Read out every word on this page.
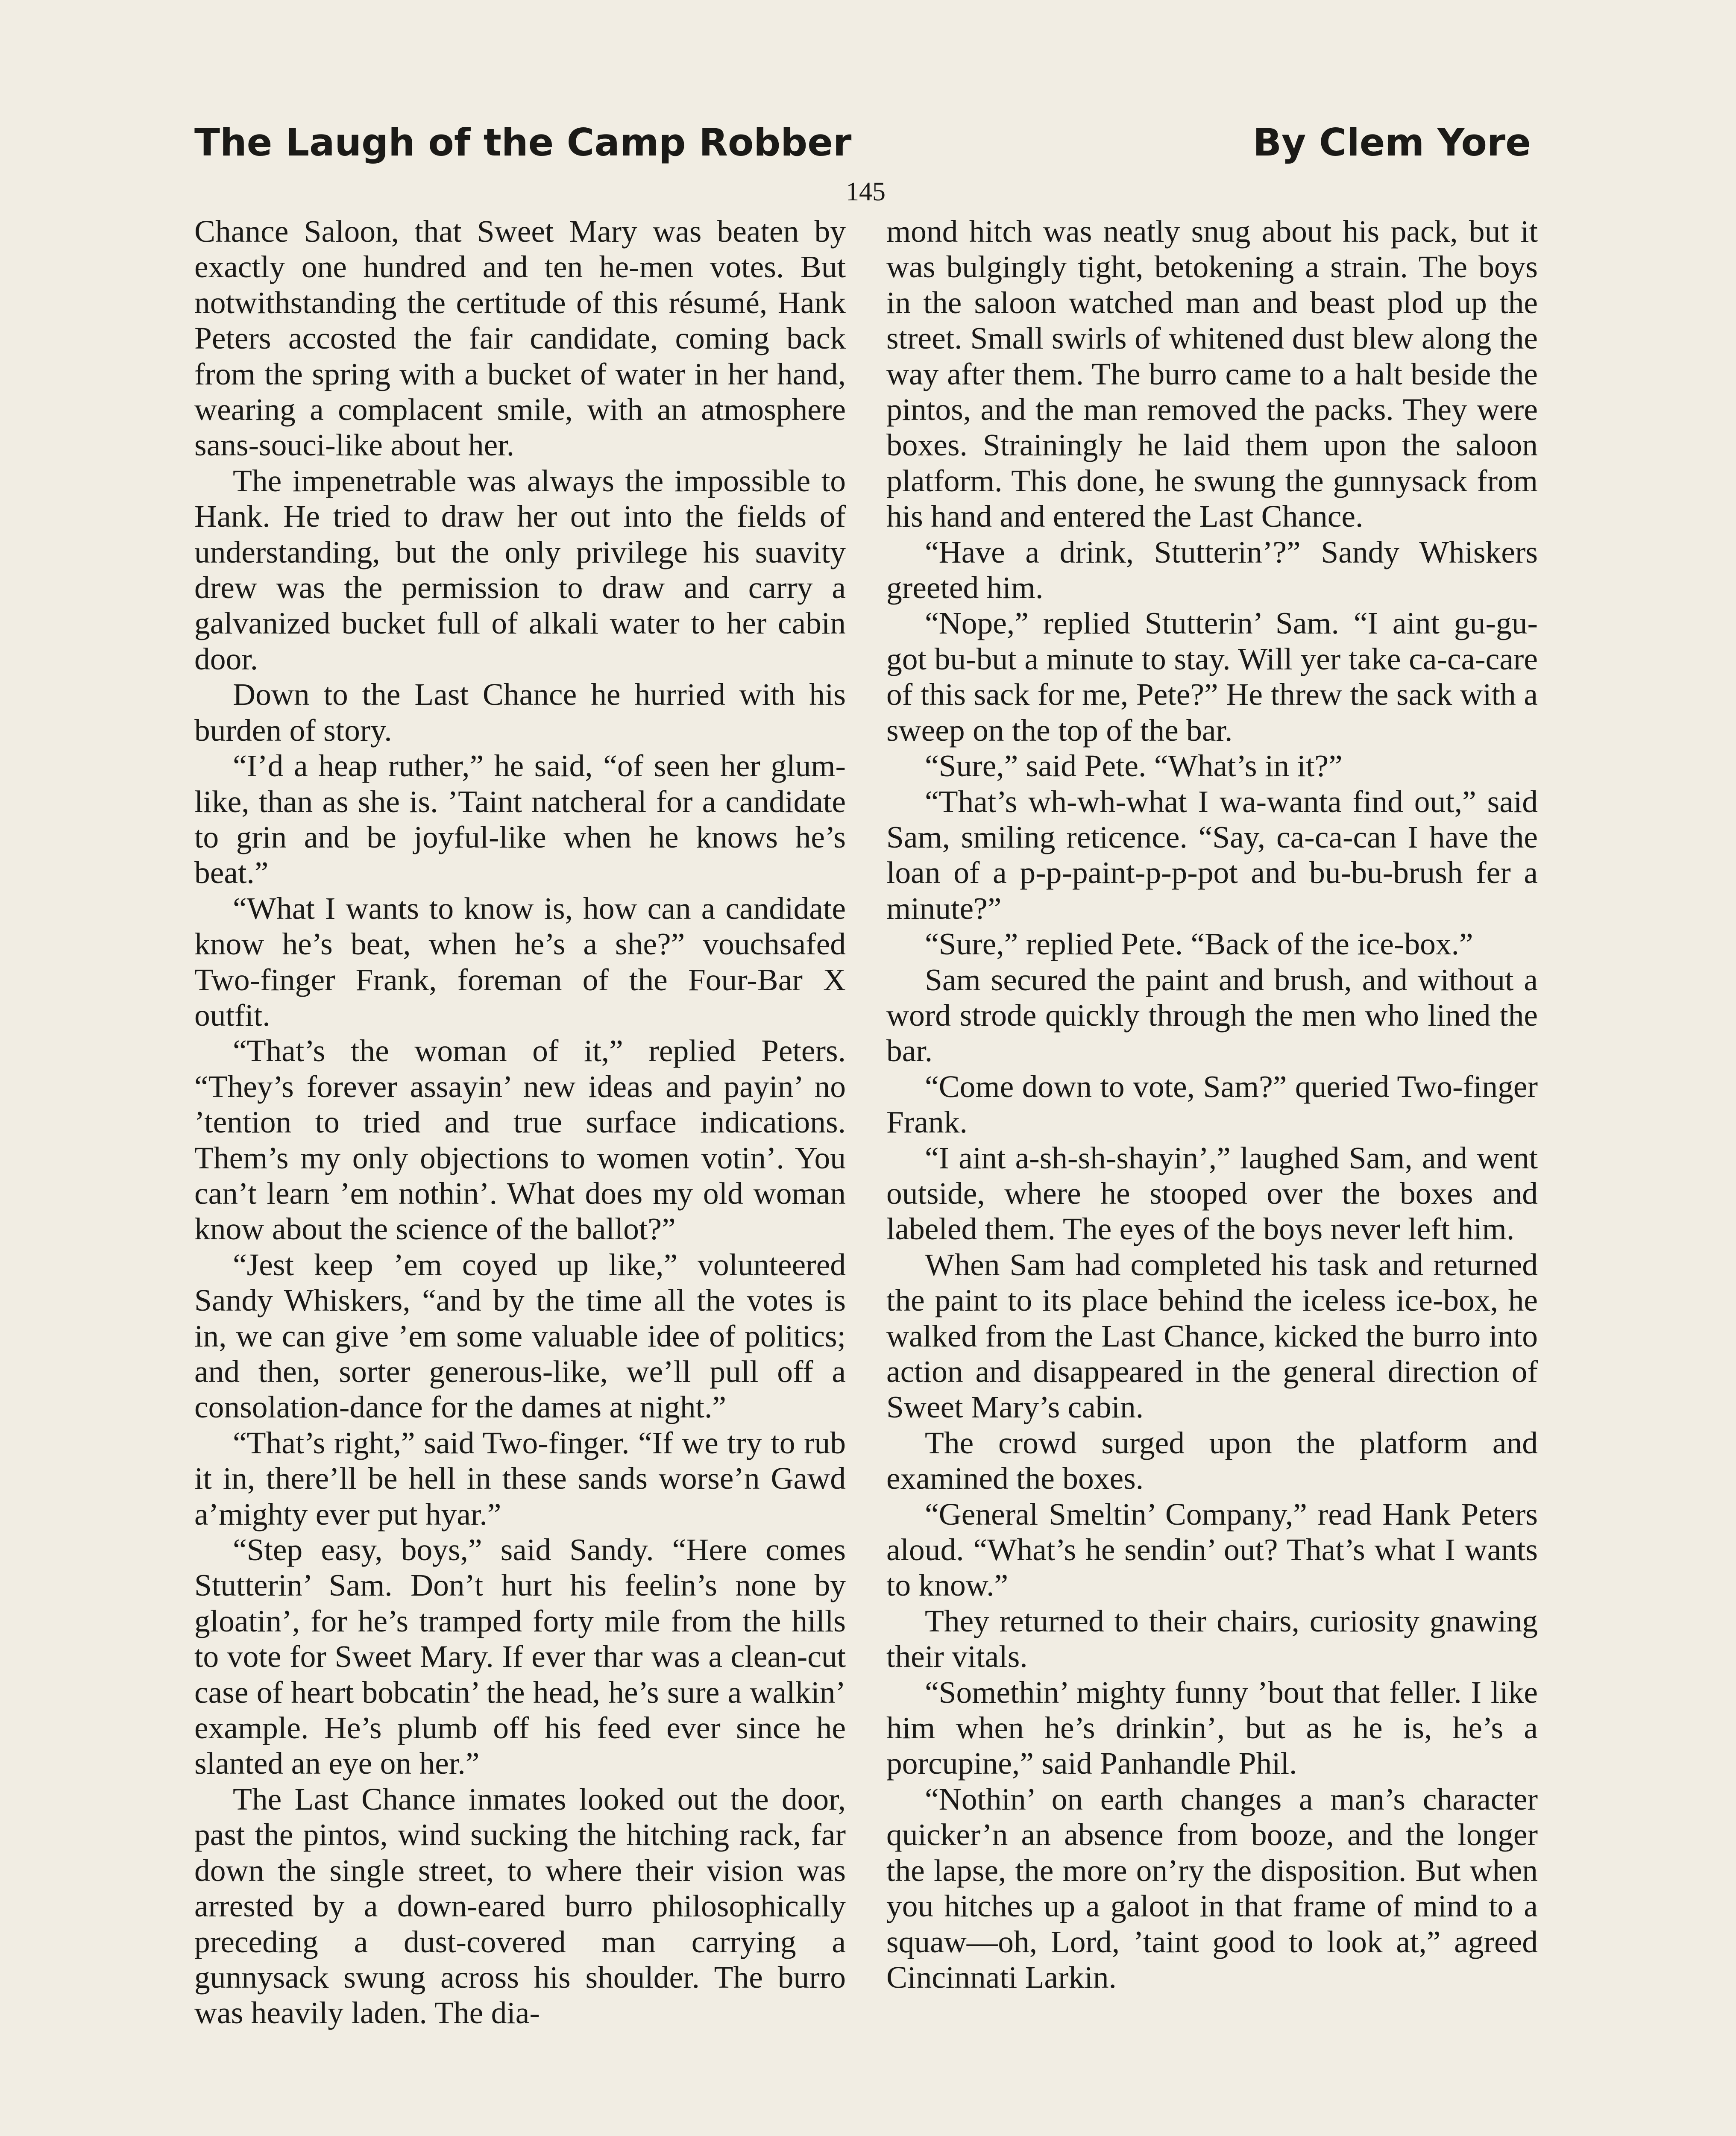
The Laugh of the Camp Robber	By Clem Yore
145

Chance Saloon, that Sweet Mary was beaten by exactly one hundred and ten he-men votes. But notwithstanding the certitude of this résumé, Hank Peters accosted the fair candidate, coming back from the spring with a bucket of water in her hand, wearing a complacent smile, with an atmosphere sans-souci-like about her.

The impenetrable was always the impossible to Hank. He tried to draw her out into the fields of understanding, but the only privilege his suavity drew was the permission to draw and carry a galvanized bucket full of alkali water to her cabin door.

Down to the Last Chance he hurried with his burden of story.

“I’d a heap ruther,” he said, “of seen her glum-like, than as she is. ’Taint natcheral for a candidate to grin and be joyful-like when he knows he’s beat.”

“What I wants to know is, how can a candidate know he’s beat, when he’s a she?” vouchsafed Two-finger Frank, foreman of the Four-Bar X outfit.

“That’s the woman of it,” replied Peters. “They’s forever assayin’ new ideas and payin’ no ’tention to tried and true surface indications. Them’s my only objections to women votin’. You can’t learn ’em nothin’. What does my old woman know about the science of the ballot?”

“Jest keep ’em coyed up like,” volunteered Sandy Whiskers, “and by the time all the votes is in, we can give ’em some valuable idee of politics; and then, sorter generous-like, we’ll pull off a consolation-dance for the dames at night.”

“That’s right,” said Two-finger. “If we try to rub it in, there’ll be hell in these sands worse’n Gawd a’mighty ever put hyar.”

“Step easy, boys,” said Sandy. “Here comes Stutterin’ Sam. Don’t hurt his feelin’s none by gloatin’, for he’s tramped forty mile from the hills to vote for Sweet Mary. If ever thar was a clean-cut case of heart bobcatin’ the head, he’s sure a walkin’ example. He’s plumb off his feed ever since he slanted an eye on her.”

The Last Chance inmates looked out the door, past the pintos, wind sucking the hitching rack, far down the single street, to where their vision was arrested by a down-eared burro philosophically preceding a dust-covered man carrying a gunnysack swung across his shoulder. The burro was heavily laden. The dia-

mond hitch was neatly snug about his pack, but it was bulgingly tight, betokening a strain. The boys in the saloon watched man and beast plod up the street. Small swirls of whitened dust blew along the way after them. The burro came to a halt beside the pintos, and the man removed the packs. They were boxes. Strainingly he laid them upon the saloon platform. This done, he swung the gunnysack from his hand and entered the Last Chance.

“Have a drink, Stutterin’?” Sandy Whiskers greeted him.

“Nope,” replied Stutterin’ Sam. “I aint gu-gu-got bu-but a minute to stay. Will yer take ca-ca-care of this sack for me, Pete?” He threw the sack with a sweep on the top of the bar.

“Sure,” said Pete. “What’s in it?”

“That’s wh-wh-what I wa-wanta find out,” said Sam, smiling reticence. “Say, ca-ca-can I have the loan of a p-p-paint-p-p-pot and bu-bu-brush fer a minute?”

“Sure,” replied Pete. “Back of the ice-box.”

Sam secured the paint and brush, and without a word strode quickly through the men who lined the bar.

“Come down to vote, Sam?” queried Two-finger Frank.

“I aint a-sh-sh-shayin’,” laughed Sam, and went outside, where he stooped over the boxes and labeled them. The eyes of the boys never left him.

When Sam had completed his task and returned the paint to its place behind the iceless ice-box, he walked from the Last Chance, kicked the burro into action and disappeared in the general direction of Sweet Mary’s cabin.

The crowd surged upon the platform and examined the boxes.

“General Smeltin’ Company,” read Hank Peters aloud. “What’s he sendin’ out? That’s what I wants to know.”

They returned to their chairs, curiosity gnawing their vitals.

“Somethin’ mighty funny ’bout that feller. I like him when he’s drinkin’, but as he is, he’s a porcupine,” said Panhandle Phil.

“Nothin’ on earth changes a man’s character quicker’n an absence from booze, and the longer the lapse, the more on’ry the disposition. But when you hitches up a galoot in that frame of mind to a squaw—oh, Lord, ’taint good to look at,” agreed Cincinnati Larkin.
